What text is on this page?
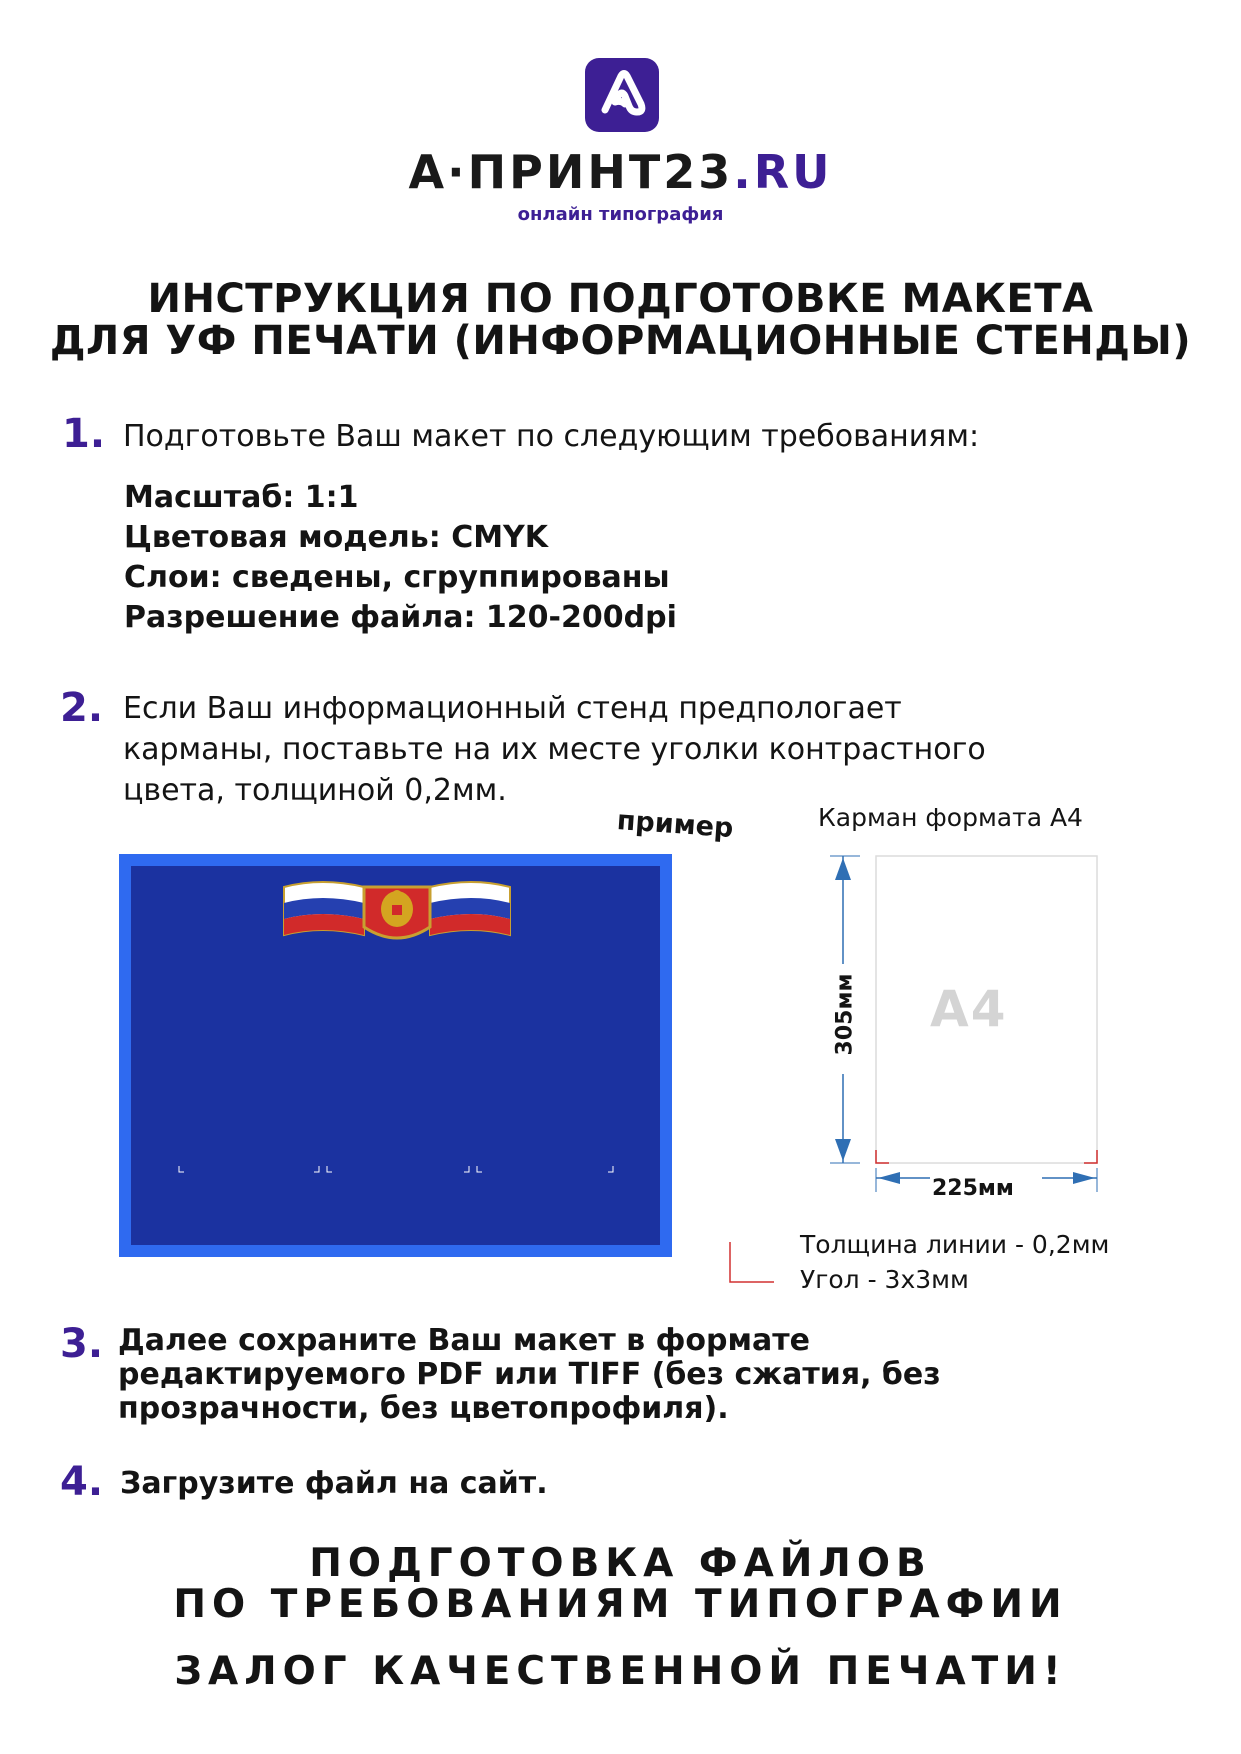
А·ПРИНТ23.RU
онлайн типография
ИНСТРУКЦИЯ ПО ПОДГОТОВКЕ МАКЕТА
ДЛЯ УФ ПЕЧАТИ (ИНФОРМАЦИОННЫЕ СТЕНДЫ)
1. Подготовьте Ваш макет по следующим требованиям:
Масштаб: 1:1
Цветовая модель: CMYK
Слои: сведены, сгруппированы
Разрешение файла: 120-200dpi
2. Если Ваш информационный стенд предпологает
карманы, поставьте на их месте уголки контрастного
цвета, толщиной 0,2мм.
пример	Карман формата А4
305мм
225мм
А4
Толщина линии - 0,2мм
Угол - 3х3мм
3. Далее сохраните Ваш макет в формате
редактируемого PDF или TIFF (без сжатия, без
прозрачности, без цветопрофиля).
4. Загрузите файл на сайт.
ПОДГОТОВКА ФАЙЛОВ
ПО ТРЕБОВАНИЯМ ТИПОГРАФИИ
ЗАЛОГ КАЧЕСТВЕННОЙ ПЕЧАТИ!
